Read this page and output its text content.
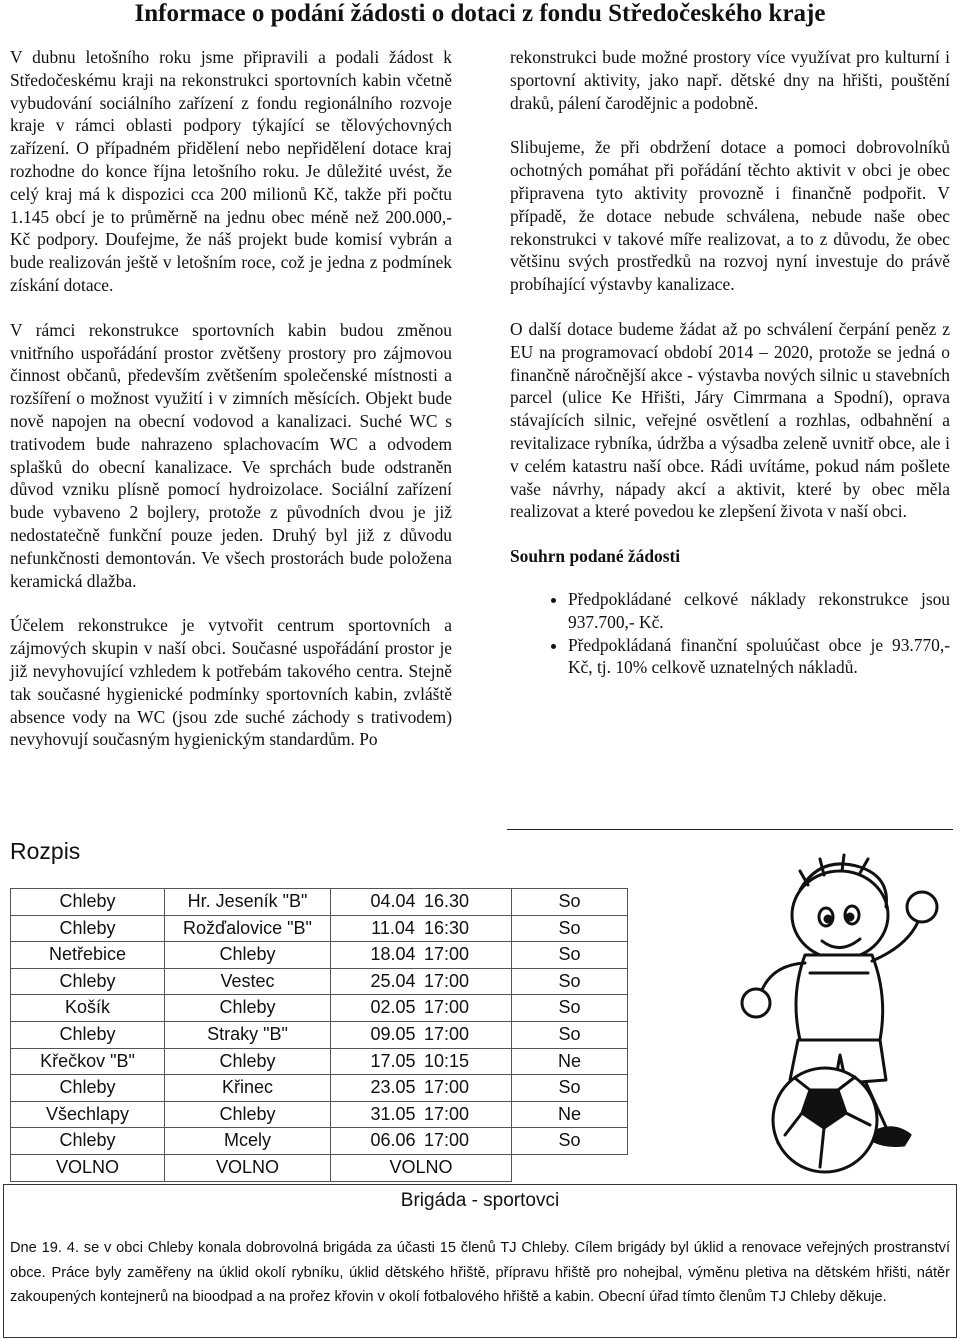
Informace o podání žádosti o dotaci z fondu Středočeského kraje

V dubnu letošního roku jsme připravili a podali žádost k Středočeskému kraji na rekonstrukci sportovních kabin včetně vybudování sociálního zařízení z fondu regionálního rozvoje kraje v rámci oblasti podpory týkající se tělovýchovných zařízení. O případném přidělení nebo nepřidělení dotace kraj rozhodne do konce října letošního roku. Je důležité uvést, že celý kraj má k dispozici cca 200 milionů Kč, takže při počtu 1.145 obcí je to průměrně na jednu obec méně než 200.000,- Kč podpory. Doufejme, že náš projekt bude komisí vybrán a bude realizován ještě v letošním roce, což je jedna z podmínek získání dotace.

V rámci rekonstrukce sportovních kabin budou změnou vnitřního uspořádání prostor zvětšeny prostory pro zájmovou činnost občanů, především zvětšením společenské místnosti a rozšíření o možnost využití i v zimních měsících. Objekt bude nově napojen na obecní vodovod a kanalizaci. Suché WC s trativodem bude nahrazeno splachovacím WC a odvodem splašků do obecní kanalizace. Ve sprchách bude odstraněn důvod vzniku plísně pomocí hydroizolace. Sociální zařízení bude vybaveno 2 bojlery, protože z původních dvou je již nedostatečně funkční pouze jeden. Druhý byl již z důvodu nefunkčnosti demontován. Ve všech prostorách bude položena keramická dlažba.

Účelem rekonstrukce je vytvořit centrum sportovních a zájmových skupin v naší obci. Současné uspořádání prostor je již nevyhovující vzhledem k potřebám takového centra. Stejně tak současné hygienické podmínky sportovních kabin, zvláště absence vody na WC (jsou zde suché záchody s trativodem) nevyhovují současným hygienickým standardům. Po

rekonstrukci bude možné prostory více využívat pro kulturní i sportovní aktivity, jako např. dětské dny na hřišti, pouštění draků, pálení čarodějnic a podobně.

Slibujeme, že při obdržení dotace a pomoci dobrovolníků ochotných pomáhat při pořádání těchto aktivit v obci je obec připravena tyto aktivity provozně i finančně podpořit. V případě, že dotace nebude schválena, nebude naše obec rekonstrukci v takové míře realizovat, a to z důvodu, že obec většinu svých prostředků na rozvoj nyní investuje do právě probíhající výstavby kanalizace.

O další dotace budeme žádat až po schválení čerpání peněz z EU na programovací období 2014 – 2020, protože se jedná o finančně náročnější akce - výstavba nových silnic u stavebních parcel (ulice Ke Hřišti, Járy Cimrmana a Spodní), oprava stávajících silnic, veřejné osvětlení a rozhlas, odbahnění a revitalizace rybníka, údržba a výsadba zeleně uvnitř obce, ale i v celém katastru naší obce. Rádi uvítáme, pokud nám pošlete vaše návrhy, nápady akcí a aktivit, které by obec měla realizovat a které povedou ke zlepšení života v naší obci.

Souhrn podané žádosti

• Předpokládané celkové náklady rekonstrukce jsou 937.700,- Kč.
• Předpokládaná finanční spoluúčast obce je 93.770,- Kč, tj. 10% celkově uznatelných nákladů.
Rozpis
Chleby	Hr. Jeseník "B"	04.04 16.30	So
Chleby	Rožďalovice "B"	11.04 16:30	So
Netřebice	Chleby	18.04 17:00	So
Chleby	Vestec	25.04 17:00	So
Košík	Chleby	02.05 17:00	So
Chleby	Straky "B"	09.05 17:00	So
Křečkov "B"	Chleby	17.05 10:15	Ne
Chleby	Křinec	23.05 17:00	So
Všechlapy	Chleby	31.05 17:00	Ne
Chleby	Mcely	06.06 17:00	So
VOLNO	VOLNO	VOLNO	
Brigáda - sportovci
Dne 19. 4. se v obci Chleby konala dobrovolná brigáda za účasti 15 členů TJ Chleby. Cílem brigády byl úklid a renovace veřejných prostranství obce. Práce byly zaměřeny na úklid okolí rybníku, úklid dětského hřiště, přípravu hřiště pro nohejbal, výměnu pletiva na dětském hřišti, nátěr zakoupených kontejnerů na bioodpad a na prořez křovin v okolí fotbalového hřiště a kabin. Obecní úřad tímto členům TJ Chleby děkuje.
